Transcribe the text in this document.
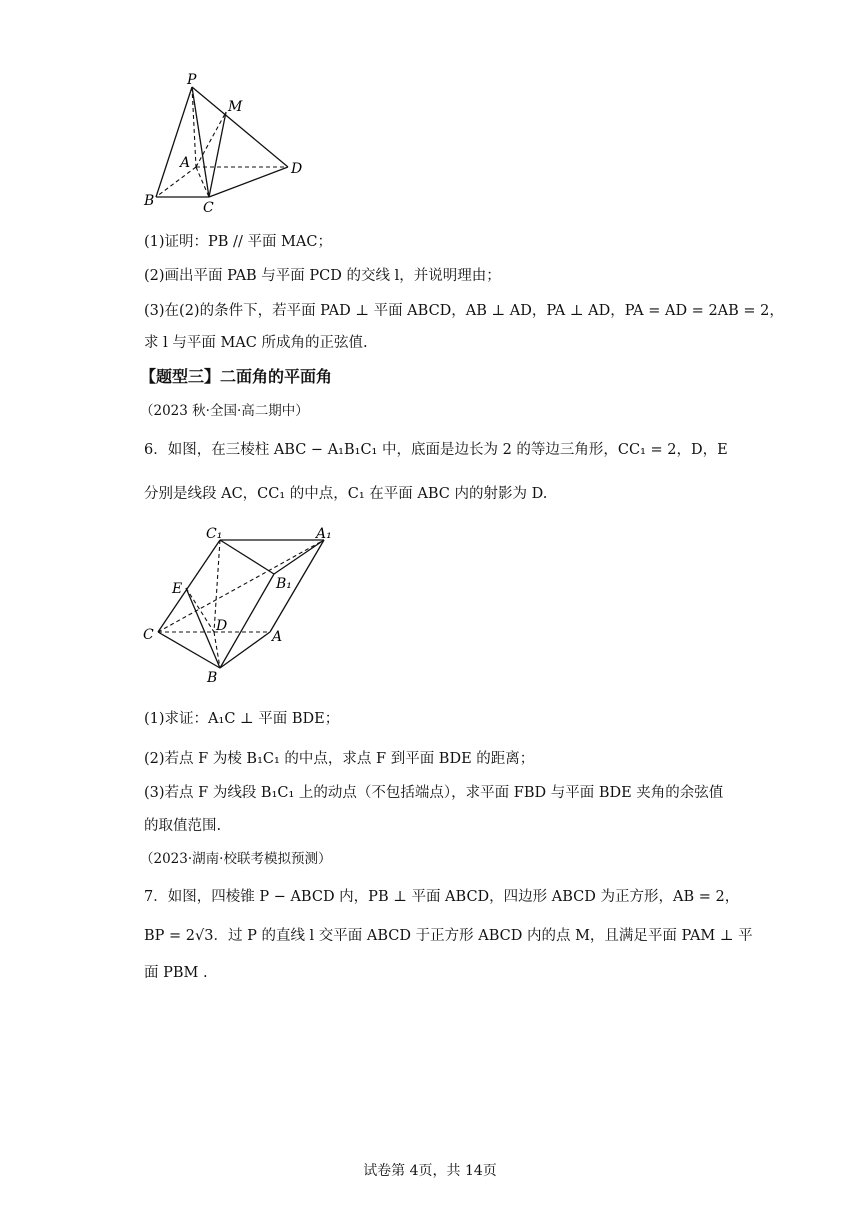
P
M
A	D
B	C
(1)证明：PB // 平面 MAC；
(2)画出平面 PAB 与平面 PCD 的交线 l，并说明理由；
(3)在(2)的条件下，若平面 PAD ⊥ 平面 ABCD，AB ⊥ AD，PA ⊥ AD，PA = AD = 2AB = 2，
求 l 与平面 MAC 所成角的正弦值.
【题型三】二面角的平面角
（2023 秋·全国·高二期中）
6．如图，在三棱柱 ABC − A₁B₁C₁ 中，底面是边长为 2 的等边三角形，CC₁ = 2，D，E
分别是线段 AC，CC₁ 的中点，C₁ 在平面 ABC 内的射影为 D.
C₁	A₁
B₁
E
D
C	A
B
(1)求证：A₁C ⊥ 平面 BDE；
(2)若点 F 为棱 B₁C₁ 的中点，求点 F 到平面 BDE 的距离；
(3)若点 F 为线段 B₁C₁ 上的动点（不包括端点），求平面 FBD 与平面 BDE 夹角的余弦值
的取值范围.
（2023·湖南·校联考模拟预测）
7．如图，四棱锥 P − ABCD 内，PB ⊥ 平面 ABCD，四边形 ABCD 为正方形，AB = 2，
BP = 2√3．过 P 的直线 l 交平面 ABCD 于正方形 ABCD 内的点 M，且满足平面 PAM ⊥ 平
面 PBM .
试卷第 4页，共 14页
